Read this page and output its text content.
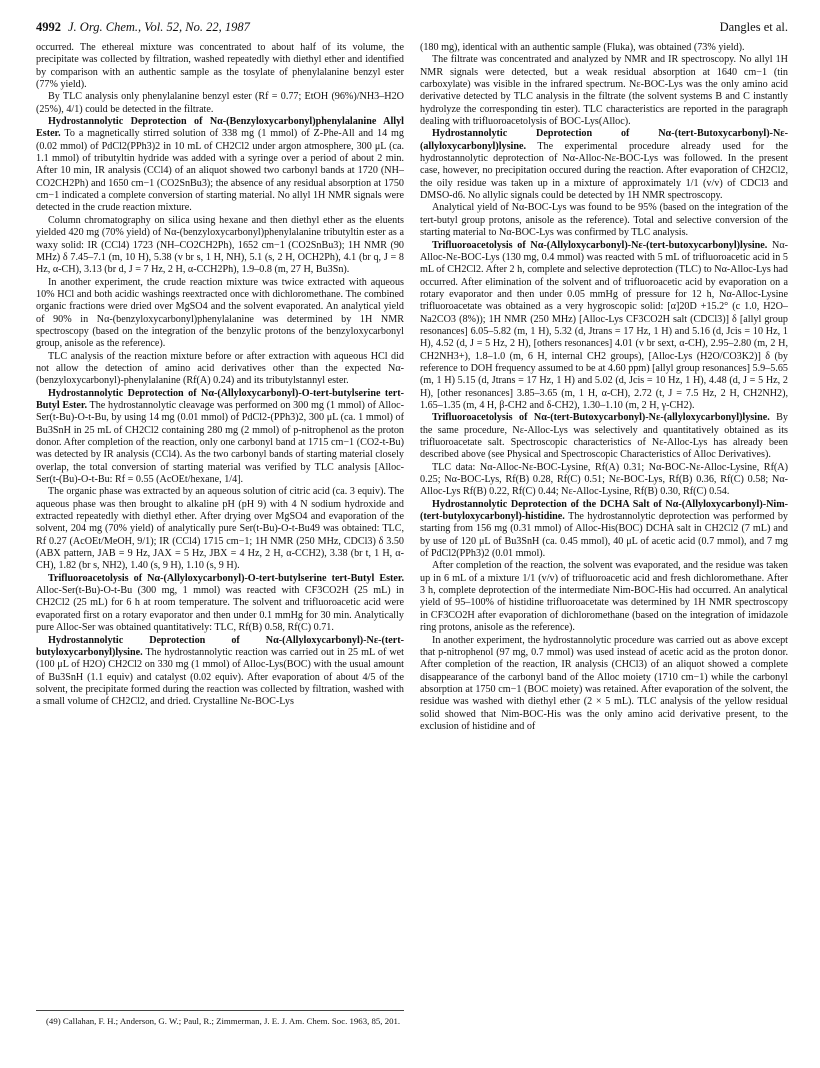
4992 J. Org. Chem., Vol. 52, No. 22, 1987	Dangles et al.

occurred. The ethereal mixture was concentrated to about half of its volume, the precipitate was collected by filtration, washed repeatedly with diethyl ether and identified by comparison with an authentic sample as the tosylate of phenylalanine benzyl ester (77% yield).

By TLC analysis only phenylalanine benzyl ester (Rf = 0.77; EtOH (96%)/NH3–H2O (25%), 4/1) could be detected in the filtrate.

Hydrostannolytic Deprotection of Nα-(Benzyloxycarbonyl)phenylalanine Allyl Ester. To a magnetically stirred solution of 338 mg (1 mmol) of Z-Phe-All and 14 mg (0.02 mmol) of PdCl2(PPh3)2 in 10 mL of CH2Cl2 under argon atmosphere, 300 μL (ca. 1.1 mmol) of tributyltin hydride was added with a syringe over a period of about 2 min. After 10 min, IR analysis (CCl4) of an aliquot showed two carbonyl bands at 1720 (NH–CO2CH2Ph) and 1650 cm−1 (CO2SnBu3); the absence of any residual absorption at 1750 cm−1 indicated a complete conversion of starting material. No allyl 1H NMR signals were detected in the crude reaction mixture.

Column chromatography on silica using hexane and then diethyl ether as the eluents yielded 420 mg (70% yield) of Nα-(benzyloxycarbonyl)phenylalanine tributyltin ester as a waxy solid: IR (CCl4) 1723 (NH–CO2CH2Ph), 1652 cm−1 (CO2SnBu3); 1H NMR (90 MHz) δ 7.45–7.1 (m, 10 H), 5.38 (v br s, 1 H, NH), 5.1 (s, 2 H, OCH2Ph), 4.1 (br q, J = 8 Hz, α-CH), 3.13 (br d, J = 7 Hz, 2 H, α-CCH2Ph), 1.9–0.8 (m, 27 H, Bu3Sn).

In another experiment, the crude reaction mixture was twice extracted with aqueous 10% HCl and both acidic washings reextracted once with dichloromethane. The combined organic fractions were dried over MgSO4 and the solvent evaporated. An analytical yield of 90% in Nα-(benzyloxycarbonyl)phenylalanine was determined by 1H NMR spectroscopy (based on the integration of the benzylic protons of the benzyloxycarbonyl group, anisole as the reference).

TLC analysis of the reaction mixture before or after extraction with aqueous HCl did not allow the detection of amino acid derivatives other than the expected Nα-(benzyloxycarbonyl)-phenylalanine (Rf(A) 0.24) and its tributylstannyl ester.

Hydrostannolytic Deprotection of Nα-(Allyloxycarbonyl)-O-tert-butylserine tert-Butyl Ester. The hydrostannolytic cleavage was performed on 300 mg (1 mmol) of Alloc-Ser(t-Bu)-O-t-Bu, by using 14 mg (0.01 mmol) of PdCl2-(PPh3)2, 300 μL (ca. 1 mmol) of Bu3SnH in 25 mL of CH2Cl2 containing 280 mg (2 mmol) of p-nitrophenol as the proton donor. After completion of the reaction, only one carbonyl band at 1715 cm−1 (CO2-t-Bu) was detected by IR analysis (CCl4). As the two carbonyl bands of starting material closely overlap, the total conversion of starting material was verified by TLC analysis [Alloc-Ser(t-(Bu)-O-t-Bu: Rf = 0.55 (AcOEt/hexane, 1/4].

The organic phase was extracted by an aqueous solution of citric acid (ca. 3 equiv). The aqueous phase was then brought to alkaline pH (pH 9) with 4 N sodium hydroxide and extracted repeatedly with diethyl ether. After drying over MgSO4 and evaporation of the solvent, 204 mg (70% yield) of analytically pure Ser(t-Bu)-O-t-Bu49 was obtained: TLC, Rf 0.27 (AcOEt/MeOH, 9/1); IR (CCl4) 1715 cm−1; 1H NMR (250 MHz, CDCl3) δ 3.50 (ABX pattern, JAB = 9 Hz, JAX = 5 Hz, JBX = 4 Hz, 2 H, α-CCH2), 3.38 (br t, 1 H, α-CH), 1.82 (br s, NH2), 1.40 (s, 9 H), 1.10 (s, 9 H).

Trifluoroacetolysis of Nα-(Allyloxycarbonyl)-O-tert-butylserine tert-Butyl Ester. Alloc-Ser(t-Bu)-O-t-Bu (300 mg, 1 mmol) was reacted with CF3CO2H (25 mL) in CH2Cl2 (25 mL) for 6 h at room temperature. The solvent and trifluoroacetic acid were evaporated first on a rotary evaporator and then under 0.1 mmHg for 30 min. Analytically pure Alloc-Ser was obtained quantitatively: TLC, Rf(B) 0.58, Rf(C) 0.71.

Hydrostannolytic Deprotection of Nα-(Allyloxycarbonyl)-Nε-(tert-butyloxycarbonyl)lysine. The hydrostannolytic reaction was carried out in 25 mL of wet (100 μL of H2O) CH2Cl2 on 330 mg (1 mmol) of Alloc-Lys(BOC) with the usual amount of Bu3SnH (1.1 equiv) and catalyst (0.02 equiv). After evaporation of about 4/5 of the solvent, the precipitate formed during the reaction was collected by filtration, washed with a small volume of CH2Cl2, and dried. Crystalline Nε-BOC-Lys

(49) Callahan, F. H.; Anderson, G. W.; Paul, R.; Zimmerman, J. E. J. Am. Chem. Soc. 1963, 85, 201.

(180 mg), identical with an authentic sample (Fluka), was obtained (73% yield).

The filtrate was concentrated and analyzed by NMR and IR spectroscopy. No allyl 1H NMR signals were detected, but a weak residual absorption at 1640 cm−1 (tin carboxylate) was visible in the infrared spectrum. Nε-BOC-Lys was the only amino acid derivative detected by TLC analysis in the filtrate (the solvent systems B and C instantly hydrolyze the corresponding tin ester). TLC characteristics are reported in the paragraph dealing with trifluoroacetolysis of BOC-Lys(Alloc).

Hydrostannolytic Deprotection of Nα-(tert-Butoxycarbonyl)-Nε-(allyloxycarbonyl)lysine. The experimental procedure already used for the hydrostannolytic deprotection of Nα-Alloc-Nε-BOC-Lys was followed. In the present case, however, no precipitation occured during the reaction. After evaporation of CH2Cl2, the oily residue was taken up in a mixture of approximately 1/1 (v/v) of CDCl3 and DMSO-d6. No allylic signals could be detected by 1H NMR spectroscopy.

Analytical yield of Nα-BOC-Lys was found to be 95% (based on the integration of the tert-butyl group protons, anisole as the reference). Total and selective conversion of the starting material to Nα-BOC-Lys was confirmed by TLC analysis.

Trifluoroacetolysis of Nα-(Allyloxycarbonyl)-Nε-(tert-butoxycarbonyl)lysine. Nα-Alloc-Nε-BOC-Lys (130 mg, 0.4 mmol) was reacted with 5 mL of trifluoroacetic acid in 5 mL of CH2Cl2. After 2 h, complete and selective deprotection (TLC) to Nα-Alloc-Lys had occurred. After elimination of the solvent and of trifluoroacetic acid by evaporation on a rotary evaporator and then under 0.05 mmHg of pressure for 12 h, Nα-Alloc-Lysine trifluoroacetate was obtained as a very hygroscopic solid: [α]20D +15.2° (c 1.0, H2O–Na2CO3 (8%)); 1H NMR (250 MHz) [Alloc-Lys CF3CO2H salt (CDCl3)] δ [allyl group resonances] 6.05–5.82 (m, 1 H), 5.32 (d, Jtrans = 17 Hz, 1 H) and 5.16 (d, Jcis = 10 Hz, 1 H), 4.52 (d, J = 5 Hz, 2 H), [others resonances] 4.01 (v br sext, α-CH), 2.95–2.80 (m, 2 H, CH2NH3+), 1.8–1.0 (m, 6 H, internal CH2 groups), [Alloc-Lys (H2O/CO3K2)] δ (by reference to DOH frequency assumed to be at 4.60 ppm) [allyl group resonances] 5.9–5.65 (m, 1 H) 5.15 (d, Jtrans = 17 Hz, 1 H) and 5.02 (d, Jcis = 10 Hz, 1 H), 4.48 (d, J = 5 Hz, 2 H), [other resonances] 3.85–3.65 (m, 1 H, α-CH), 2.72 (t, J = 7.5 Hz, 2 H, CH2NH2), 1.65–1.35 (m, 4 H, β-CH2 and δ-CH2), 1.30–1.10 (m, 2 H, γ-CH2).

Trifluoroacetolysis of Nα-(tert-Butoxycarbonyl)-Nε-(allyloxycarbonyl)lysine. By the same procedure, Nε-Alloc-Lys was selectively and quantitatively obtained as its trifluoroacetate salt. Spectroscopic characteristics of Nε-Alloc-Lys has already been described above (see Physical and Spectroscopic Characteristics of Alloc Derivatives).

TLC data: Nα-Alloc-Nε-BOC-Lysine, Rf(A) 0.31; Nα-BOC-Nε-Alloc-Lysine, Rf(A) 0.25; Nα-BOC-Lys, Rf(B) 0.28, Rf(C) 0.51; Nε-BOC-Lys, Rf(B) 0.36, Rf(C) 0.58; Nα-Alloc-Lys Rf(B) 0.22, Rf(C) 0.44; Nε-Alloc-Lysine, Rf(B) 0.30, Rf(C) 0.54.

Hydrostannolytic Deprotection of the DCHA Salt of Nα-(Allyloxycarbonyl)-Nim-(tert-butyloxycarbonyl)-histidine. The hydrostannolytic deprotection was performed by starting from 156 mg (0.31 mmol) of Alloc-His(BOC) DCHA salt in CH2Cl2 (7 mL) and by use of 120 μL of Bu3SnH (ca. 0.45 mmol), 40 μL of acetic acid (0.7 mmol), and 7 mg of PdCl2(PPh3)2 (0.01 mmol).

After completion of the reaction, the solvent was evaporated, and the residue was taken up in 6 mL of a mixture 1/1 (v/v) of trifluoroacetic acid and fresh dichloromethane. After 3 h, complete deprotection of the intermediate Nim-BOC-His had occurred. An analytical yield of 95–100% of histidine trifluoroacetate was determined by 1H NMR spectroscopy in CF3CO2H after evaporation of dichloromethane (based on the integration of imidazole ring protons, anisole as the reference).

In another experiment, the hydrostannolytic procedure was carried out as above except that p-nitrophenol (97 mg, 0.7 mmol) was used instead of acetic acid as the proton donor. After completion of the reaction, IR analysis (CHCl3) of an aliquot showed a complete disappearance of the carbonyl band of the Alloc moiety (1710 cm−1) while the carbonyl absorption at 1750 cm−1 (BOC moiety) was retained. After evaporation of the solvent, the residue was washed with diethyl ether (2 × 5 mL). TLC analysis of the yellow residual solid showed that Nim-BOC-His was the only amino acid derivative present, to the exclusion of histidine and of
